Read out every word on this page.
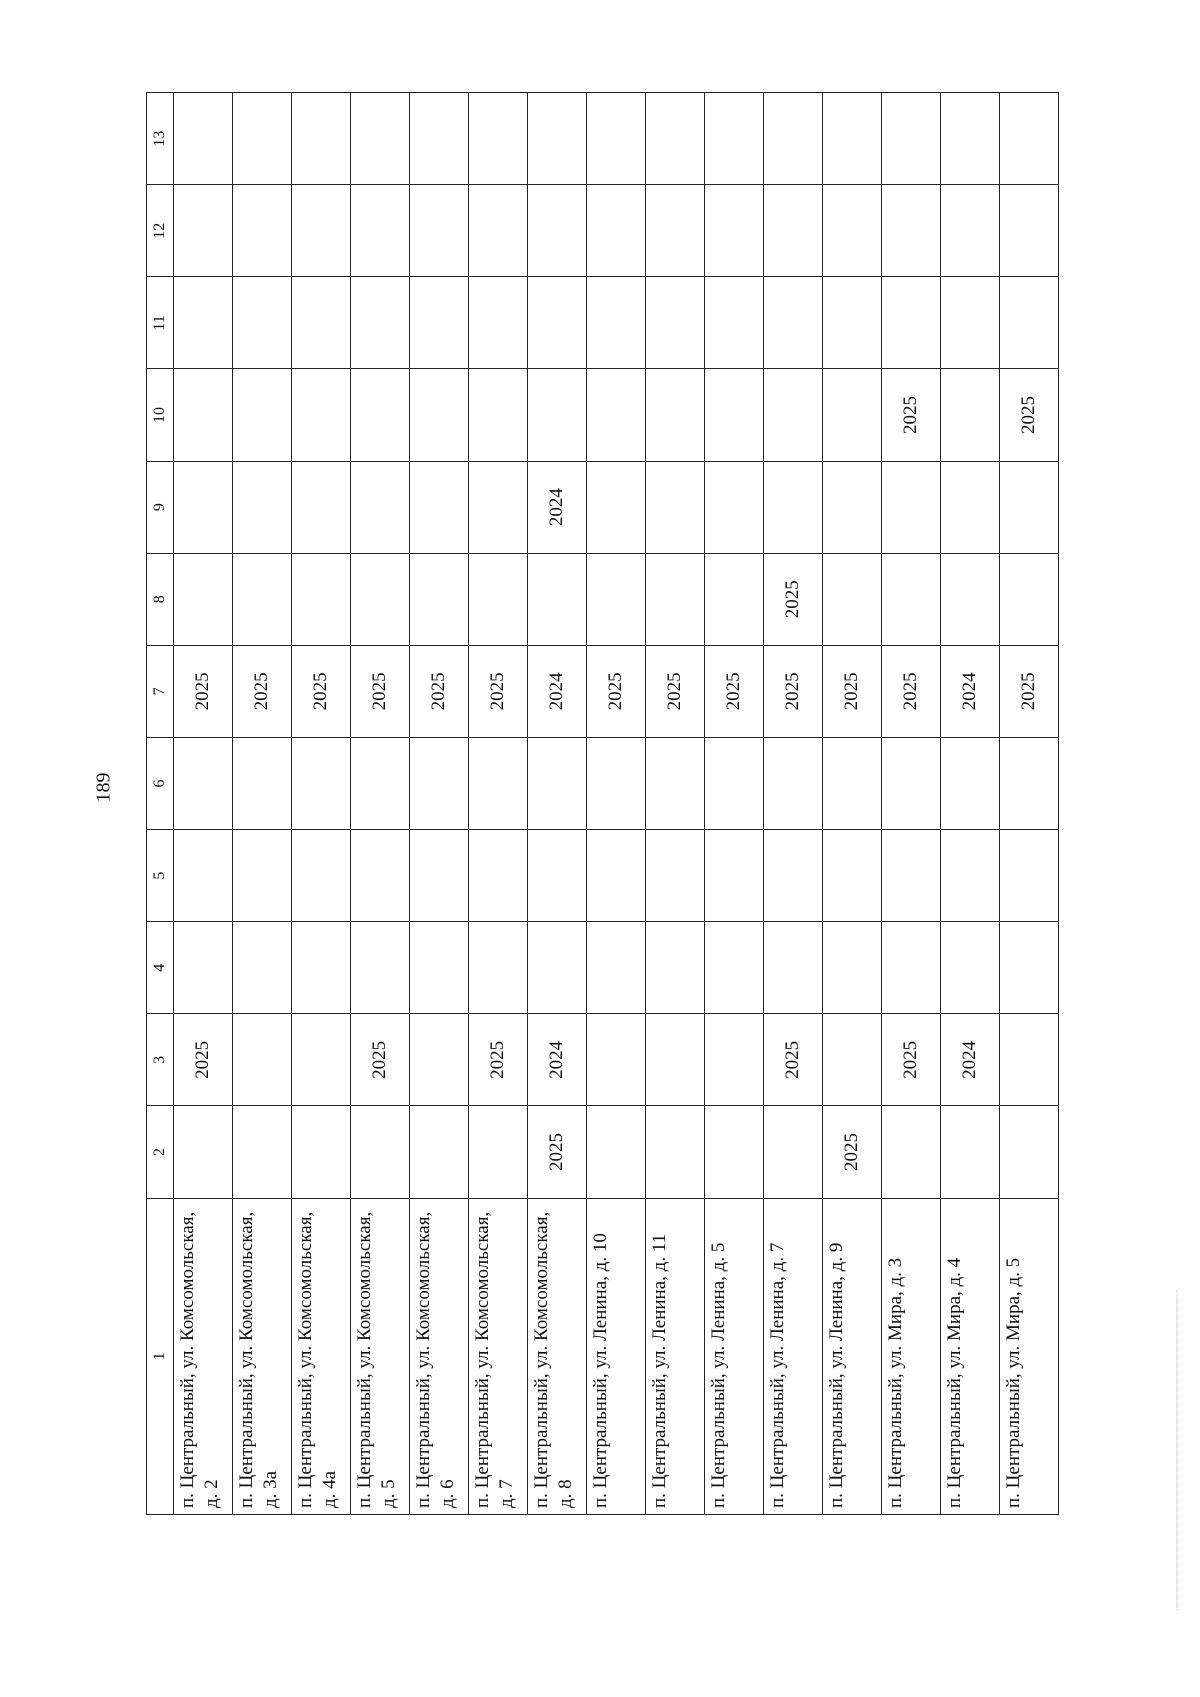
189
1	2	3	4	5	6	7	8	9	10	11	12	13
п. Центральный, ул. Комсомольская, д. 2		2025				2025						
п. Центральный, ул. Комсомольская, д. 3а						2025						
п. Центральный, ул. Комсомольская, д. 4а						2025						
п. Центральный, ул. Комсомольская, д. 5		2025				2025						
п. Центральный, ул. Комсомольская, д. 6						2025						
п. Центральный, ул. Комсомольская, д. 7		2025				2025						
п. Центральный, ул. Комсомольская, д. 8	2025	2024				2024		2024				
п. Центральный, ул. Ленина, д. 10						2025						
п. Центральный, ул. Ленина, д. 11						2025						
п. Центральный, ул. Ленина, д. 5						2025						
п. Центральный, ул. Ленина, д. 7		2025				2025	2025					
п. Центральный, ул. Ленина, д. 9	2025					2025						
п. Центральный, ул. Мира, д. 3		2025				2025			2025			
п. Центральный, ул. Мира, д. 4		2024				2024						
п. Центральный, ул. Мира, д. 5						2025			2025			
